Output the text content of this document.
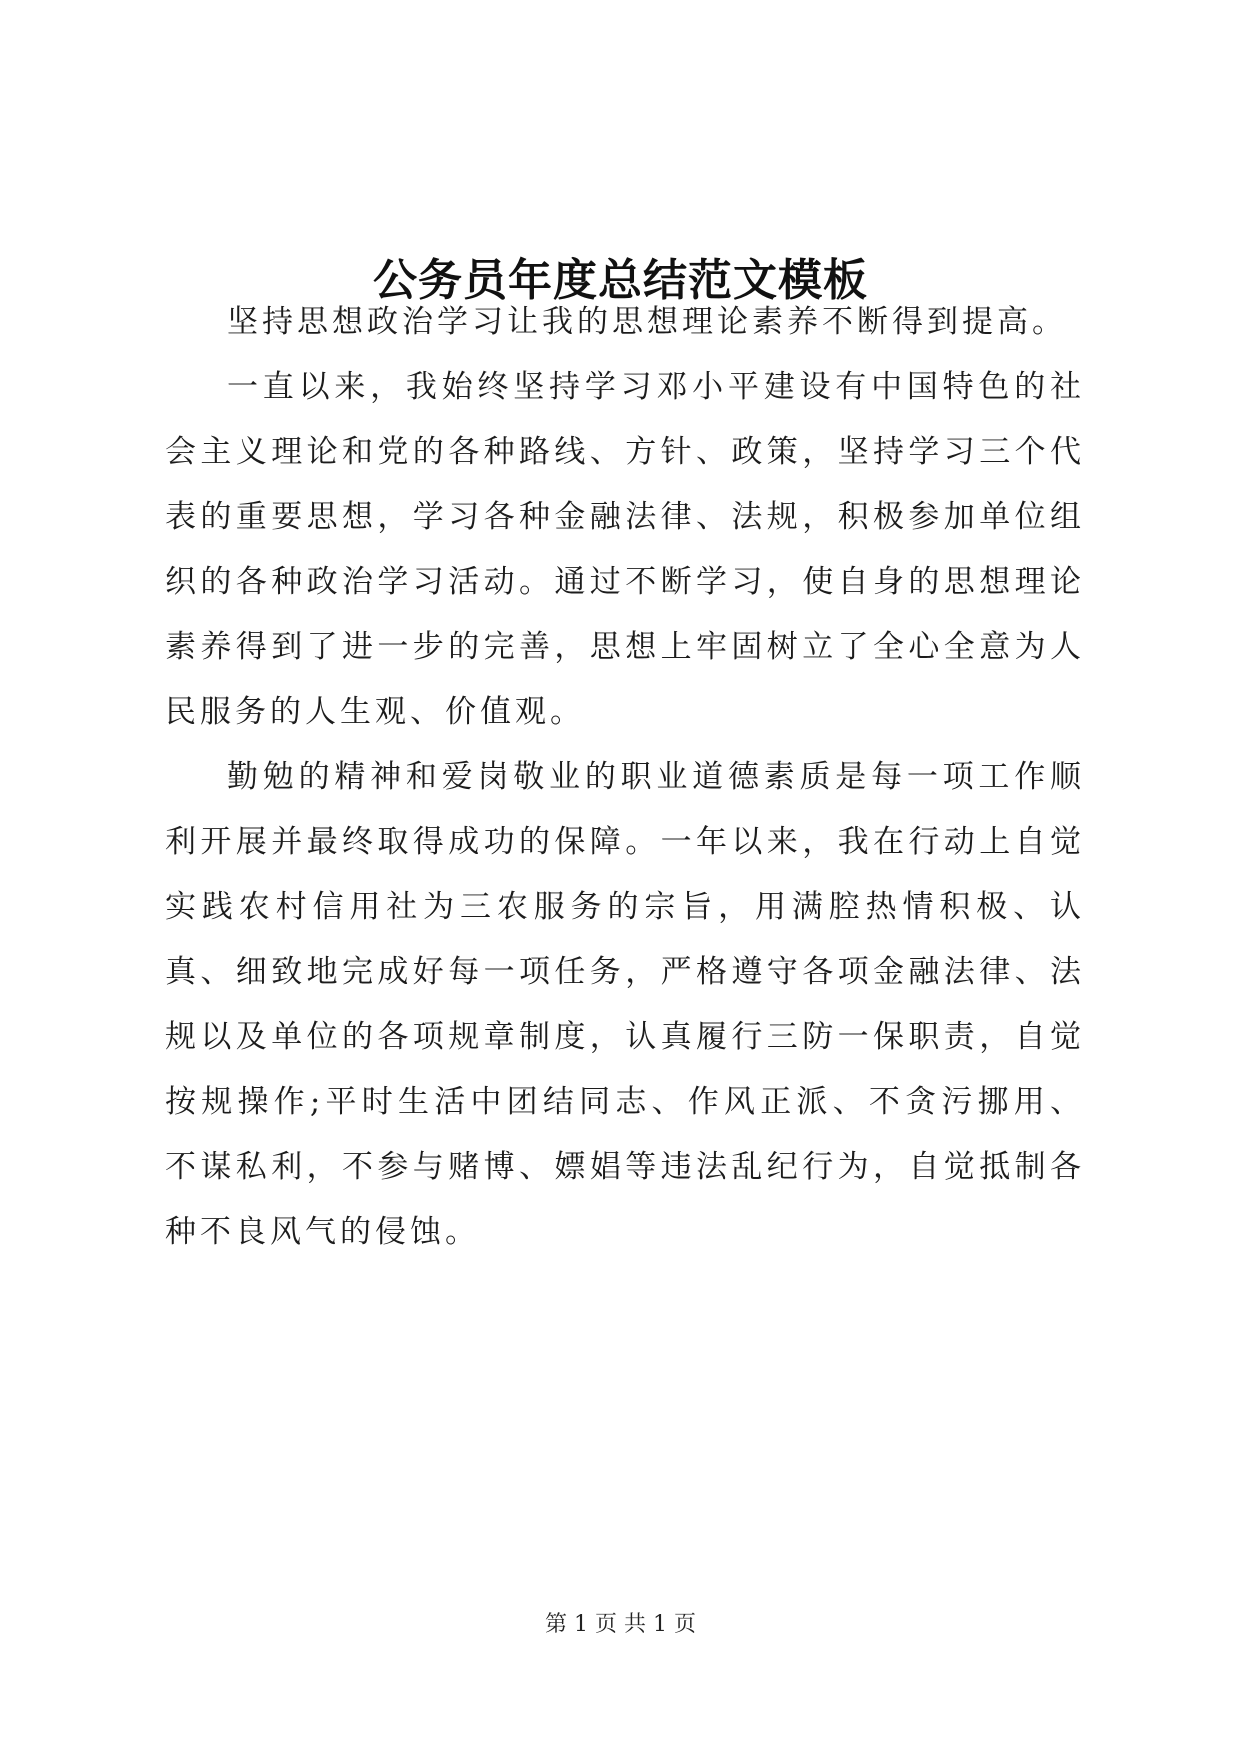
公务员年度总结范文模板

坚持思想政治学习让我的思想理论素养不断得到提高。

一直以来，我始终坚持学习邓小平建设有中国特色的社会主义理论和党的各种路线、方针、政策，坚持学习三个代表的重要思想，学习各种金融法律、法规，积极参加单位组织的各种政治学习活动。通过不断学习，使自身的思想理论素养得到了进一步的完善，思想上牢固树立了全心全意为人民服务的人生观、价值观。

勤勉的精神和爱岗敬业的职业道德素质是每一项工作顺利开展并最终取得成功的保障。一年以来，我在行动上自觉实践农村信用社为三农服务的宗旨，用满腔热情积极、认真、细致地完成好每一项任务，严格遵守各项金融法律、法规以及单位的各项规章制度，认真履行三防一保职责，自觉按规操作;平时生活中团结同志、作风正派、不贪污挪用、不谋私利，不参与赌博、嫖娼等违法乱纪行为，自觉抵制各种不良风气的侵蚀。

第 1 页 共 1 页
